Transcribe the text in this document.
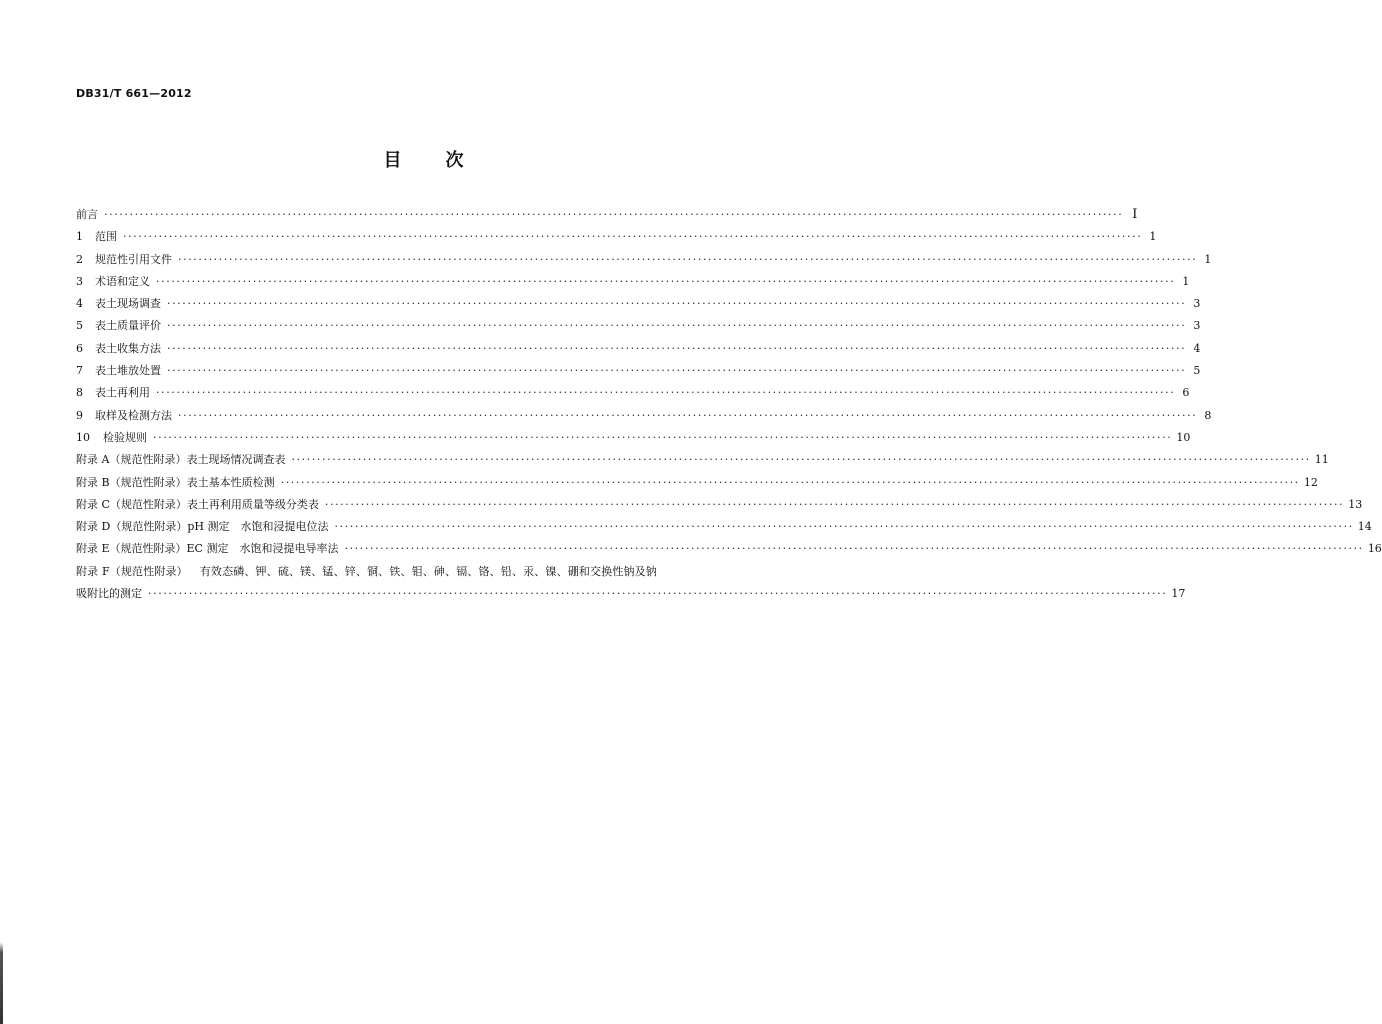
DB31/T 661—2012
目 次
前言 ········································································································································································································ I
1	范围 ········································································································································································································ 1
2	规范性引用文件 ········································································································································································································ 1
3	术语和定义 ········································································································································································································ 1
4	表土现场调查 ········································································································································································································ 3
5	表土质量评价 ········································································································································································································ 3
6	表土收集方法 ········································································································································································································ 4
7	表土堆放处置 ········································································································································································································ 5
8	表土再利用 ········································································································································································································ 6
9	取样及检测方法 ········································································································································································································ 8
10	检验规则 ········································································································································································································ 10
附录 A（规范性附录） 表土现场情况调查表 ········································································································································································································ 11
附录 B（规范性附录） 表土基本性质检测 ········································································································································································································ 12
附录 C（规范性附录） 表土再利用质量等级分类表 ········································································································································································································ 13
附录 D（规范性附录） pH 测定　水饱和浸提电位法 ········································································································································································································ 14
附录 E（规范性附录） EC 测定　水饱和浸提电导率法 ········································································································································································································ 16
附录 F（规范性附录） 有效态磷、钾、硫、镁、锰、锌、铜、铁、钼、砷、镉、铬、铅、汞、镍、硼和交换性钠及钠
吸附比的测定 ········································································································································································································ 17
